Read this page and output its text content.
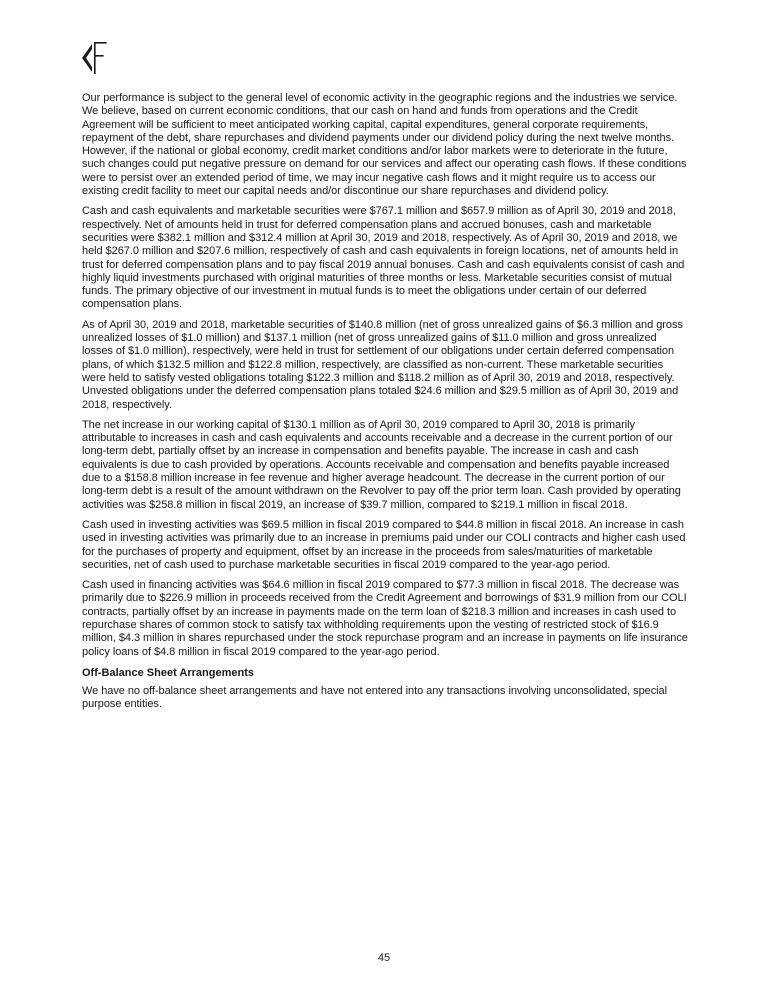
Our performance is subject to the general level of economic activity in the geographic regions and the industries we service. We believe, based on current economic conditions, that our cash on hand and funds from operations and the Credit Agreement will be sufficient to meet anticipated working capital, capital expenditures, general corporate requirements, repayment of the debt, share repurchases and dividend payments under our dividend policy during the next twelve months. However, if the national or global economy, credit market conditions and/or labor markets were to deteriorate in the future, such changes could put negative pressure on demand for our services and affect our operating cash flows. If these conditions were to persist over an extended period of time, we may incur negative cash flows and it might require us to access our existing credit facility to meet our capital needs and/or discontinue our share repurchases and dividend policy.

Cash and cash equivalents and marketable securities were $767.1 million and $657.9 million as of April 30, 2019 and 2018, respectively. Net of amounts held in trust for deferred compensation plans and accrued bonuses, cash and marketable securities were $382.1 million and $312.4 million at April 30, 2019 and 2018, respectively. As of April 30, 2019 and 2018, we held $267.0 million and $207.6 million, respectively of cash and cash equivalents in foreign locations, net of amounts held in trust for deferred compensation plans and to pay fiscal 2019 annual bonuses. Cash and cash equivalents consist of cash and highly liquid investments purchased with original maturities of three months or less. Marketable securities consist of mutual funds. The primary objective of our investment in mutual funds is to meet the obligations under certain of our deferred compensation plans.

As of April 30, 2019 and 2018, marketable securities of $140.8 million (net of gross unrealized gains of $6.3 million and gross unrealized losses of $1.0 million) and $137.1 million (net of gross unrealized gains of $11.0 million and gross unrealized losses of $1.0 million), respectively, were held in trust for settlement of our obligations under certain deferred compensation plans, of which $132.5 million and $122.8 million, respectively, are classified as non-current. These marketable securities were held to satisfy vested obligations totaling $122.3 million and $118.2 million as of April 30, 2019 and 2018, respectively. Unvested obligations under the deferred compensation plans totaled $24.6 million and $29.5 million as of April 30, 2019 and 2018, respectively.

The net increase in our working capital of $130.1 million as of April 30, 2019 compared to April 30, 2018 is primarily attributable to increases in cash and cash equivalents and accounts receivable and a decrease in the current portion of our long-term debt, partially offset by an increase in compensation and benefits payable. The increase in cash and cash equivalents is due to cash provided by operations. Accounts receivable and compensation and benefits payable increased due to a $158.8 million increase in fee revenue and higher average headcount. The decrease in the current portion of our long-term debt is a result of the amount withdrawn on the Revolver to pay off the prior term loan. Cash provided by operating activities was $258.8 million in fiscal 2019, an increase of $39.7 million, compared to $219.1 million in fiscal 2018.

Cash used in investing activities was $69.5 million in fiscal 2019 compared to $44.8 million in fiscal 2018. An increase in cash used in investing activities was primarily due to an increase in premiums paid under our COLI contracts and higher cash used for the purchases of property and equipment, offset by an increase in the proceeds from sales/maturities of marketable securities, net of cash used to purchase marketable securities in fiscal 2019 compared to the year-ago period.

Cash used in financing activities was $64.6 million in fiscal 2019 compared to $77.3 million in fiscal 2018. The decrease was primarily due to $226.9 million in proceeds received from the Credit Agreement and borrowings of $31.9 million from our COLI contracts, partially offset by an increase in payments made on the term loan of $218.3 million and increases in cash used to repurchase shares of common stock to satisfy tax withholding requirements upon the vesting of restricted stock of $16.9 million, $4.3 million in shares repurchased under the stock repurchase program and an increase in payments on life insurance policy loans of $4.8 million in fiscal 2019 compared to the year-ago period.

Off-Balance Sheet Arrangements

We have no off-balance sheet arrangements and have not entered into any transactions involving unconsolidated, special purpose entities.

45
